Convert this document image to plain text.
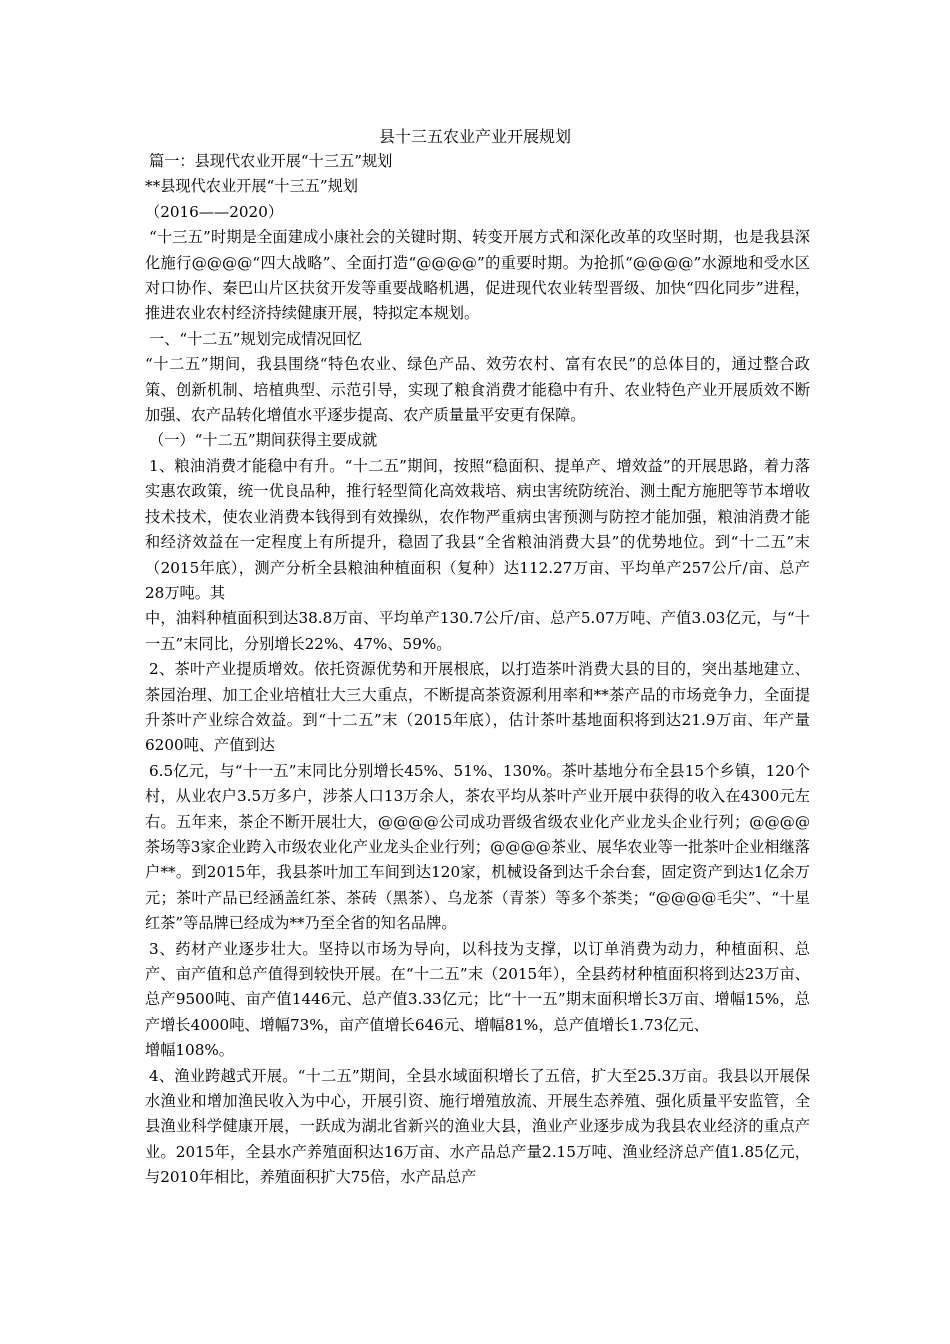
县十三五农业产业开展规划

篇一：县现代农业开展“十三五”规划

**县现代农业开展“十三五”规划

（2016——2020）

“十三五”时期是全面建成小康社会的关键时期、转变开展方式和深化改革的攻坚时期，也是我县深化施行@@@@“四大战略”、全面打造“@@@@”的重要时期。为抢抓“@@@@”水源地和受水区对口协作、秦巴山片区扶贫开发等重要战略机遇，促进现代农业转型晋级、加快“四化同步”进程，推进农业农村经济持续健康开展，特拟定本规划。

一、“十二五”规划完成情况回忆

“十二五”期间，我县围绕“特色农业、绿色产品、效劳农村、富有农民”的总体目的，通过整合政策、创新机制、培植典型、示范引导，实现了粮食消费才能稳中有升、农业特色产业开展质效不断加强、农产品转化增值水平逐步提高、农产质量量平安更有保障。

（一）“十二五”期间获得主要成就

1、粮油消费才能稳中有升。“十二五”期间，按照“稳面积、提单产、增效益”的开展思路，着力落实惠农政策，统一优良品种，推行轻型简化高效栽培、病虫害统防统治、测土配方施肥等节本增收技术技术，使农业消费本钱得到有效操纵，农作物严重病虫害预测与防控才能加强，粮油消费才能和经济效益在一定程度上有所提升，稳固了我县“全省粮油消费大县”的优势地位。到“十二五”末（2015年底），测产分析全县粮油种植面积（复种）达112.27万亩、平均单产257公斤/亩、总产28万吨。其

中，油料种植面积到达38.8万亩、平均单产130.7公斤/亩、总产5.07万吨、产值3.03亿元，与“十一五”末同比，分别增长22%、47%、59%。

2、茶叶产业提质增效。依托资源优势和开展根底，以打造茶叶消费大县的目的，突出基地建立、茶园治理、加工企业培植壮大三大重点，不断提高茶资源利用率和**茶产品的市场竞争力，全面提升茶叶产业综合效益。到“十二五”末（2015年底），估计茶叶基地面积将到达21.9万亩、年产量6200吨、产值到达

6.5亿元，与“十一五”末同比分别增长45%、51%、130%。茶叶基地分布全县15个乡镇，120个村，从业农户3.5万多户，涉茶人口13万余人，茶农平均从茶叶产业开展中获得的收入在4300元左右。五年来，茶企不断开展壮大，@@@@公司成功晋级省级农业化产业龙头企业行列；@@@@茶场等3家企业跨入市级农业化产业龙头企业行列；@@@@茶业、展华农业等一批茶叶企业相继落户**。到2015年，我县茶叶加工车间到达120家，机械设备到达千余台套，固定资产到达1亿余万元；茶叶产品已经涵盖红茶、茶砖（黑茶）、乌龙茶（青茶）等多个茶类；“@@@@毛尖”、“十星红茶”等品牌已经成为**乃至全省的知名品牌。

3、药材产业逐步壮大。坚持以市场为导向，以科技为支撑，以订单消费为动力，种植面积、总产、亩产值和总产值得到较快开展。在“十二五”末（2015年），全县药材种植面积将到达23万亩、总产9500吨、亩产值1446元、总产值3.33亿元；比“十一五”期末面积增长3万亩、增幅15%，总产增长4000吨、增幅73%，亩产值增长646元、增幅81%，总产值增长1.73亿元、

增幅108%。

4、渔业跨越式开展。“十二五”期间，全县水域面积增长了五倍，扩大至25.3万亩。我县以开展保水渔业和增加渔民收入为中心，开展引资、施行增殖放流、开展生态养殖、强化质量平安监管，全县渔业科学健康开展，一跃成为湖北省新兴的渔业大县，渔业产业逐步成为我县农业经济的重点产业。2015年，全县水产养殖面积达16万亩、水产品总产量2.15万吨、渔业经济总产值1.85亿元，与2010年相比，养殖面积扩大75倍，水产品总产
